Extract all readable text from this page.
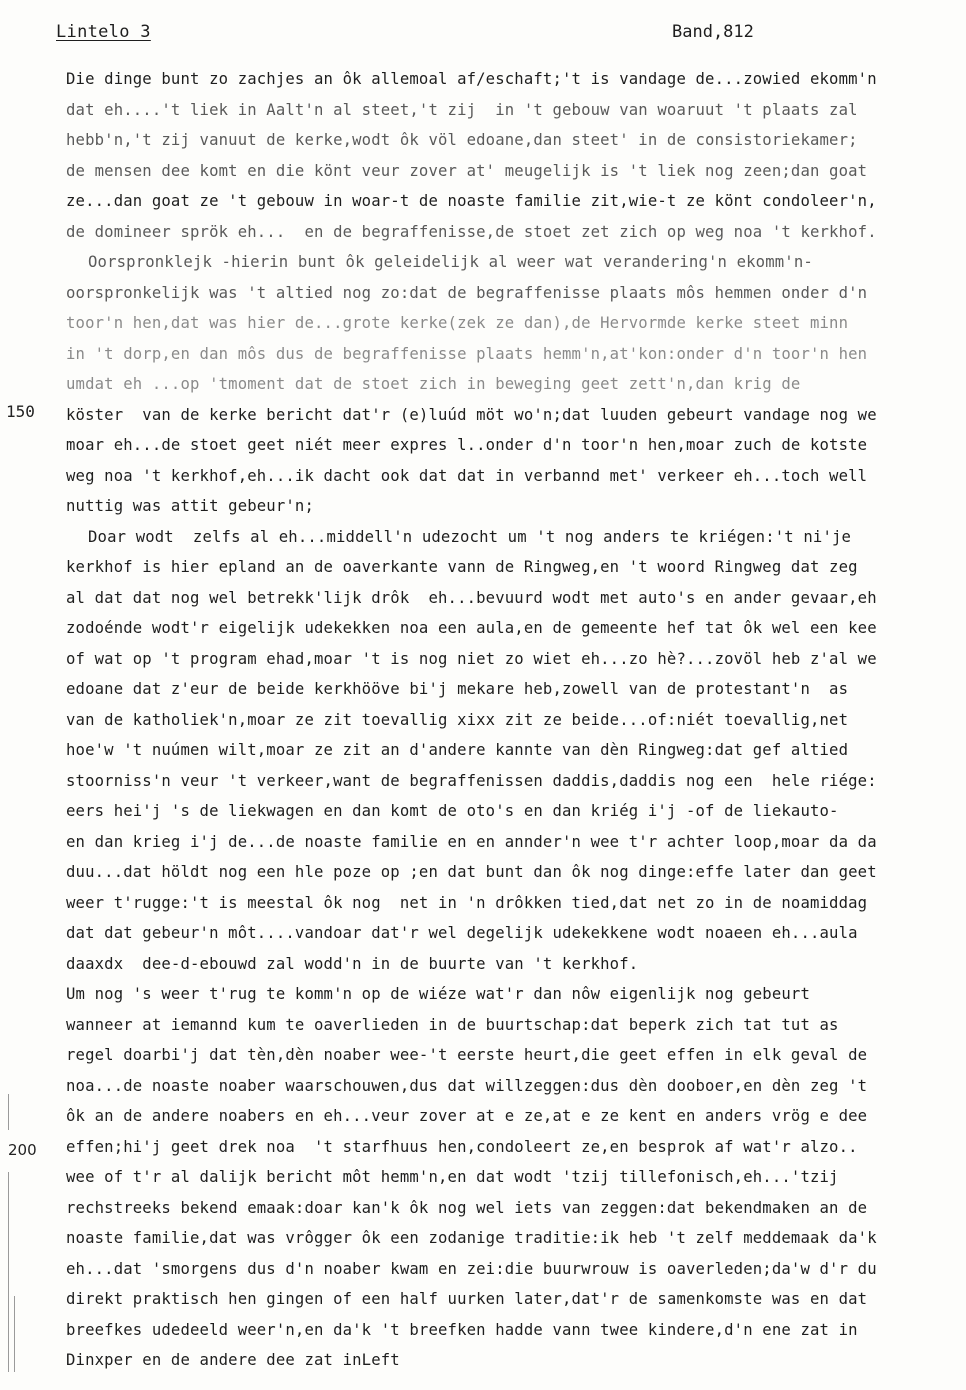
Lintelo 3	Band,812
150
200
Die dinge bunt zo zachjes an ôk allemoal af/eschaft;'t is vandage de...zowied ekomm'n
dat eh....'t liek in Aalt'n al steet,'t zij  in 't gebouw van woaruut 't plaats zal
hebb'n,'t zij vanuut de kerke,wodt ôk völ edoane,dan steet' in de consistoriekamer;
de mensen dee komt en die könt veur zover at' meugelijk is 't liek nog zeen;dan goat
ze...dan goat ze 't gebouw in woar-t de noaste familie zit,wie-t ze könt condoleer'n,
de domineer sprök eh...  en de begraffenisse,de stoet zet zich op weg noa 't kerkhof.
Oorspronklejk -hierin bunt ôk geleidelijk al weer wat verandering'n ekomm'n-
oorspronkelijk was 't altied nog zo:dat de begraffenisse plaats môs hemmen onder d'n
toor'n hen,dat was hier de...grote kerke(zek ze dan),de Hervormde kerke steet minn
in 't dorp,en dan môs dus de begraffenisse plaats hemm'n,at'kon:onder d'n toor'n hen
umdat eh ...op 'tmoment dat de stoet zich in beweging geet zett'n,dan krig de
köster  van de kerke bericht dat'r (e)luúd möt wo'n;dat luuden gebeurt vandage nog we
moar eh...de stoet geet niét meer expres l..onder d'n toor'n hen,moar zuch de kotste
weg noa 't kerkhof,eh...ik dacht ook dat dat in verbannd met' verkeer eh...toch well
nuttig was attit gebeur'n;
Doar wodt  zelfs al eh...middell'n udezocht um 't nog anders te kriégen:'t ni'je
kerkhof is hier epland an de oaverkante vann de Ringweg,en 't woord Ringweg dat zeg
al dat dat nog wel betrekk'lijk drôk  eh...bevuurd wodt met auto's en ander gevaar,eh
zodoénde wodt'r eigelijk udekekken noa een aula,en de gemeente hef tat ôk wel een kee
of wat op 't program ehad,moar 't is nog niet zo wiet eh...zo hè?...zovöl heb z'al we
edoane dat z'eur de beide kerkhööve bi'j mekare heb,zowell van de protestant'n  as
van de katholiek'n,moar ze zit toevallig xixx zit ze beide...of:niét toevallig,net
hoe'w 't nuúmen wilt,moar ze zit an d'andere kannte van dèn Ringweg:dat gef altied
stoorniss'n veur 't verkeer,want de begraffenissen daddis,daddis nog een  hele riége:
eers hei'j 's de liekwagen en dan komt de oto's en dan kriég i'j -of de liekauto-
en dan krieg i'j de...de noaste familie en en annder'n wee t'r achter loop,moar da da
duu...dat höldt nog een hle poze op ;en dat bunt dan ôk nog dinge:effe later dan geet
weer t'rugge:'t is meestal ôk nog  net in 'n drôkken tied,dat net zo in de noamiddag
dat dat gebeur'n môt....vandoar dat'r wel degelijk udekekkene wodt noaeen eh...aula
daaxdx  dee-d-ebouwd zal wodd'n in de buurte van 't kerkhof.
Um nog 's weer t'rug te komm'n op de wiéze wat'r dan nôw eigenlijk nog gebeurt
wanneer at iemannd kum te oaverlieden in de buurtschap:dat beperk zich tat tut as
regel doarbi'j dat tèn,dèn noaber wee-'t eerste heurt,die geet effen in elk geval de
noa...de noaste noaber waarschouwen,dus dat willzeggen:dus dèn dooboer,en dèn zeg 't
ôk an de andere noabers en eh...veur zover at e ze,at e ze kent en anders vrög e dee
effen;hi'j geet drek noa  't starfhuus hen,condoleert ze,en besprok af wat'r alzo..
wee of t'r al dalijk bericht môt hemm'n,en dat wodt 'tzij tillefonisch,eh...'tzij
rechstreeks bekend emaak:doar kan'k ôk nog wel iets van zeggen:dat bekendmaken an de
noaste familie,dat was vrôgger ôk een zodanige traditie:ik heb 't zelf meddemaak da'k
eh...dat 'smorgens dus d'n noaber kwam en zei:die buurwrouw is oaverleden;da'w d'r du
direkt praktisch hen gingen of een half uurken later,dat'r de samenkomste was en dat
breefkes udedeeld weer'n,en da'k 't breefken hadde vann twee kindere,d'n ene zat in
Dinxper en de andere dee zat inLeft
